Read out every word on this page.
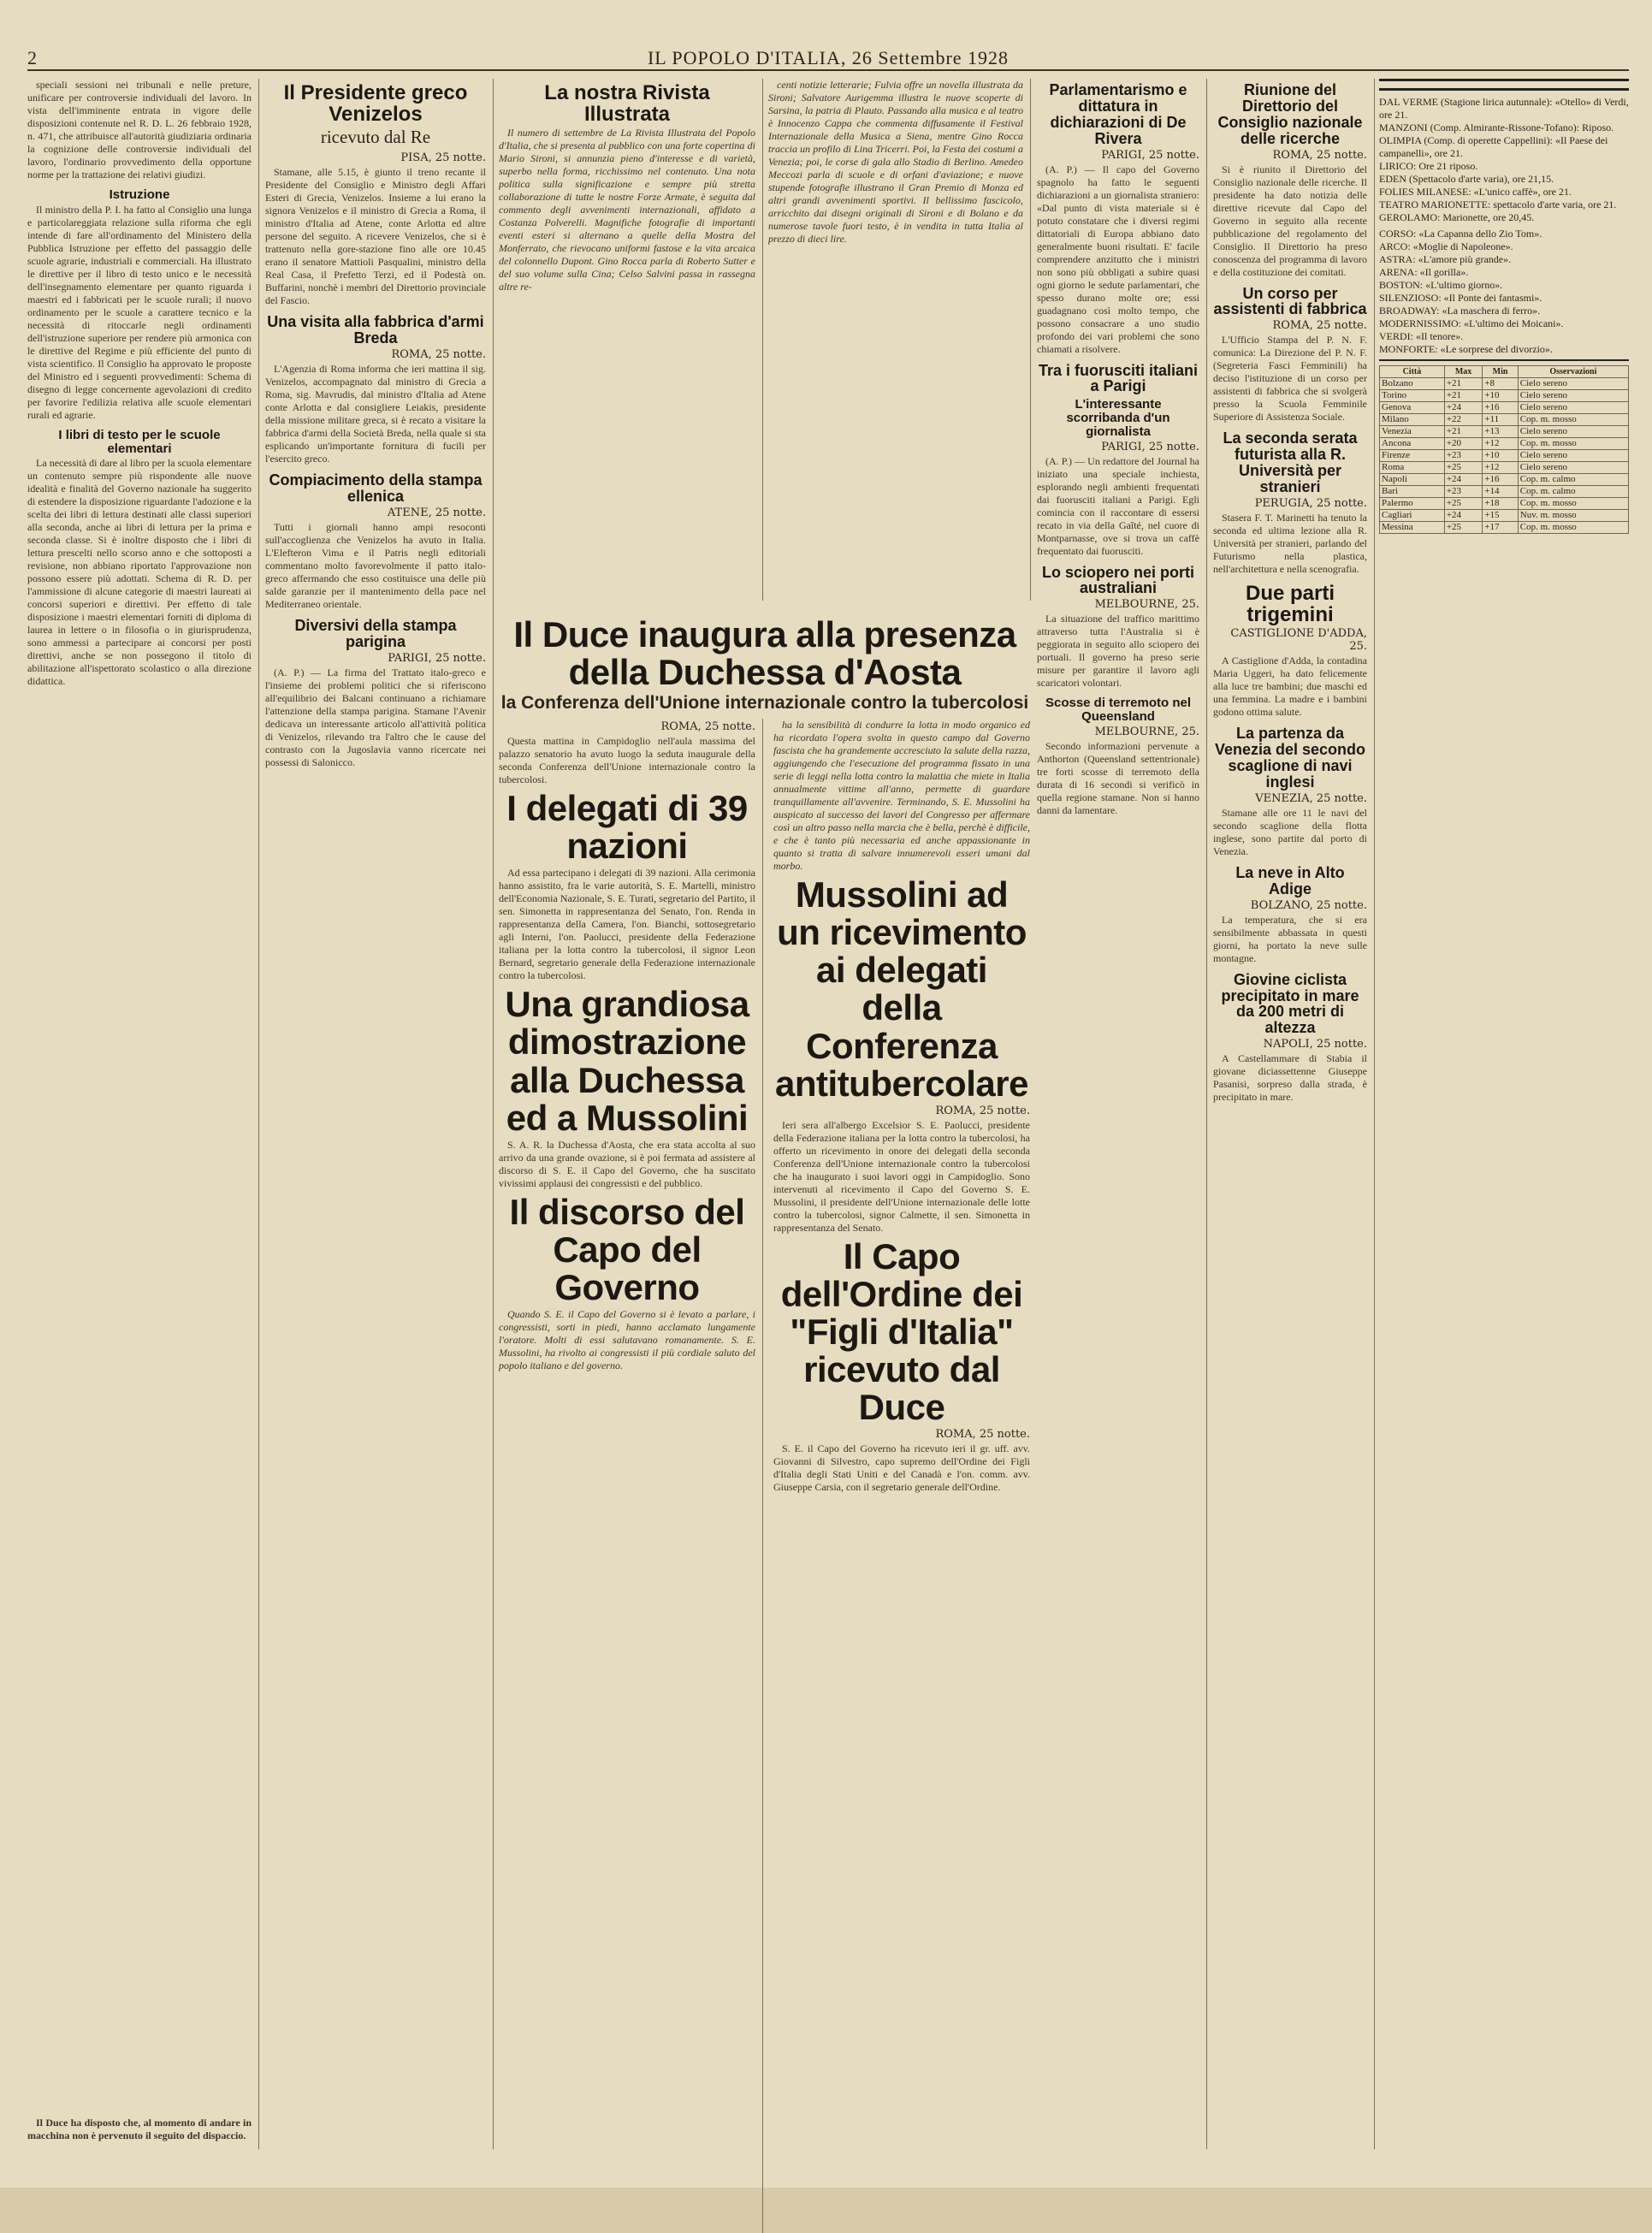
2	IL POPOLO D'ITALIA, 26 Settembre 1928

speciali sessioni nei tribunali e nelle preture, unificare per controversie individuali del lavoro. In vista dell'imminente entrata in vigore delle disposizioni contenute nel R. D. L. 26 febbraio 1928, n. 471, che attribuisce all'autorità giudiziaria ordinaria la cognizione delle controversie individuali del lavoro, l'ordinario provvedimento della opportune norme per la trattazione dei relativi giudizi.

Istruzione

Il ministro della P. I. ha fatto al Consiglio una lunga e particolareggiata relazione sulla riforma che egli intende di fare all'ordinamento del Ministero della Pubblica Istruzione per effetto del passaggio delle scuole agrarie, industriali e commerciali. Ha illustrato le direttive per il libro di testo unico e le necessità dell'insegnamento elementare per quanto riguarda i maestri ed i fabbricati per le scuole rurali; il nuovo ordinamento per le scuole a carattere tecnico e la necessità di ritoccarle negli ordinamenti dell'istruzione superiore per rendere più armonica con le direttive del Regime e più efficiente del punto di vista scientifico. Il Consiglio ha approvato le proposte del Ministro ed i seguenti provvedimenti: Schema di disegno di legge concernente agevolazioni di credito per favorire l'edilizia relativa alle scuole elementari rurali ed agrarie.

I libri di testo per le scuole elementari

La necessità di dare al libro per la scuola elementare un contenuto sempre più rispondente alle nuove idealità e finalità del Governo nazionale ha suggerito di estendere la disposizione riguardante l'adozione e la scelta dei libri di lettura destinati alle classi superiori alla seconda, anche ai libri di lettura per la prima e seconda classe. Si è inoltre disposto che i libri di lettura prescelti nello scorso anno e che sottoposti a revisione, non abbiano riportato l'approvazione non possono essere più adottati. Schema di R. D. per l'ammissione di alcune categorie di maestri laureati ai concorsi superiori e direttivi. Per effetto di tale disposizione i maestri elementari forniti di diploma di laurea in lettere o in filosofia o in giurisprudenza, sono ammessi a partecipare ai concorsi per posti direttivi, anche se non possegono il titolo di abilitazione all'ispettorato scolastico o alla direzione didattica.

Il Duce ha disposto che, al momento di andare in macchina non è pervenuto il seguito del dispaccio.

Il Presidente greco Venizelos
ricevuto dal Re
PISA, 25 notte.

Stamane, alle 5.15, è giunto il treno recante il Presidente del Consiglio e Ministro degli Affari Esteri di Grecia, Venizelos. Insieme a lui erano la signora Venizelos e il ministro di Grecia a Roma, il ministro d'Italia ad Atene, conte Arlotta ed altre persone del seguito. A ricevere Venizelos, che si è trattenuto nella gore-stazione fino alle ore 10.45 erano il senatore Mattioli Pasqualini, ministro della Real Casa, il Prefetto Terzi, ed il Podestà on. Buffarini, nonchè i membri del Direttorio provinciale del Fascio.

Una visita alla fabbrica d'armi Breda
ROMA, 25 notte.

L'Agenzia di Roma informa che ieri mattina il sig. Venizelos, accompagnato dal ministro di Grecia a Roma, sig. Mavrudis, dal ministro d'Italia ad Atene conte Arlotta e dal consigliere Leiakis, presidente della missione militare greca, si è recato a visitare la fabbrica d'armi della Società Breda, nella quale si sta esplicando un'importante fornitura di fucili per l'esercito greco.

Compiacimento della stampa ellenica
ATENE, 25 notte.

Tutti i giornali hanno ampi resoconti sull'accoglienza che Venizelos ha avuto in Italia. L'Elefteron Vima e il Patris negli editoriali commentano molto favorevolmente il patto italo-greco affermando che esso costituisce una delle più salde garanzie per il mantenimento della pace nel Mediterraneo orientale.

Diversivi della stampa parigina
PARIGI, 25 notte.

(A. P.) — La firma del Trattato italo-greco e l'insieme dei problemi politici che si riferiscono all'equilibrio dei Balcani continuano a richiamare l'attenzione della stampa parigina. Stamane l'Avenir dedicava un interessante articolo all'attività politica di Venizelos, rilevando tra l'altro che le cause del contrasto con la Jugoslavia vanno ricercate nei possessi di Salonicco.

La nostra Rivista Illustrata

Il numero di settembre de La Rivista Illustrata del Popolo d'Italia, che si presenta al pubblico con una forte copertina di Mario Sironi, si annunzia pieno d'interesse e di varietà, superbo nella forma, ricchissimo nel contenuto. Una nota politica sulla significazione e sempre più stretta collaborazione di tutte le nostre Forze Armate, è seguita dal commento degli avvenimenti internazionali, affidato a Costanza Polverelli. Magnifiche fotografie di importanti eventi esteri si alternano a quelle della Mostra del Monferrato, che rievocano uniformi fastose e la vita arcaica del colonnello Dupont. Gino Rocca parla di Roberto Sutter e del suo volume sulla Cina; Celso Salvini passa in rassegna altre re-

centi notizie letterarie; Fulvia offre un novella illustrata da Sironi; Salvatore Aurigemma illustra le nuove scoperte di Sarsina, la patria di Plauto. Passando alla musica e al teatro è Innocenzo Cappa che commenta diffusamente il Festival Internazionale della Musica a Siena, mentre Gino Rocca traccia un profilo di Lina Tricerri. Poi, la Festa dei costumi a Venezia; poi, le corse di gala allo Stadio di Berlino. Amedeo Meccozi parla di scuole e di orfani d'aviazione; e nuove stupende fotografie illustrano il Gran Premio di Monza ed altri grandi avvenimenti sportivi. Il bellissimo fascicolo, arricchito dai disegni originali di Sironi e di Bolano e da numerose tavole fuori testo, è in vendita in tutta Italia al prezzo di dieci lire.

Il Duce inaugura alla presenza della Duchessa d'Aosta
la Conferenza dell'Unione internazionale contro la tubercolosi
ROMA, 25 notte.

Questa mattina in Campidoglio nell'aula massima del palazzo senatorio ha avuto luogo la seduta inaugurale della seconda Conferenza dell'Unione internazionale contro la tubercolosi.

I delegati di 39 nazioni

Ad essa partecipano i delegati di 39 nazioni. Alla cerimonia hanno assistito, fra le varie autorità, S. E. Martelli, ministro dell'Economia Nazionale, S. E. Turati, segretario del Partito, il sen. Simonetta in rappresentanza del Senato, l'on. Renda in rappresentanza della Camera, l'on. Bianchi, sottosegretario agli Interni, l'on. Paolucci, presidente della Federazione italiana per la lotta contro la tubercolosi, il signor Leon Bernard, segretario generale della Federazione internazionale contro la tubercolosi.

Una grandiosa dimostrazione alla Duchessa ed a Mussolini

S. A. R. la Duchessa d'Aosta, che era stata accolta al suo arrivo da una grande ovazione, si è poi fermata ad assistere al discorso di S. E. il Capo del Governo, che ha suscitato vivissimi applausi dei congressisti e del pubblico.

Il discorso del Capo del Governo

Quando S. E. il Capo del Governo si è levato a parlare, i congressisti, sorti in piedi, hanno acclamato lungamente l'oratore. Molti di essi salutavano romanamente. S. E. Mussolini, ha rivolto ai congressisti il più cordiale saluto del popolo italiano e del governo.

ha la sensibilità di condurre la lotta in modo organico ed ha ricordato l'opera svolta in questo campo dal Governo fascista che ha grandemente accresciuto la salute della razza, aggiungendo che l'esecuzione del programma fissato in una serie di leggi nella lotta contro la malattia che miete in Italia annualmente vittime all'anno, permette di guardare tranquillamente all'avvenire. Terminando, S. E. Mussolini ha auspicato al successo dei lavori del Congresso per affermare così un altro passo nella marcia che è bella, perchè è difficile, e che è tanto più necessaria ed anche appassionante in quanto si tratta di salvare innumerevoli esseri umani dal morbo.

Mussolini ad un ricevimento ai delegati della Conferenza antitubercolare
ROMA, 25 notte.

Ieri sera all'albergo Excelsior S. E. Paolucci, presidente della Federazione italiana per la lotta contro la tubercolosi, ha offerto un ricevimento in onore dei delegati della seconda Conferenza dell'Unione internazionale contro la tubercolosi che ha inaugurato i suoi lavori oggi in Campidoglio. Sono intervenuti al ricevimento il Capo del Governo S. E. Mussolini, il presidente dell'Unione internazionale delle lotte contro la tubercolosi, signor Calmette, il sen. Simonetta in rappresentanza del Senato.

Il Capo dell'Ordine dei "Figli d'Italia" ricevuto dal Duce
ROMA, 25 notte.

S. E. il Capo del Governo ha ricevuto ieri il gr. uff. avv. Giovanni di Silvestro, capo supremo dell'Ordine dei Figli d'Italia degli Stati Uniti e del Canadà e l'on. comm. avv. Giuseppe Carsia, con il segretario generale dell'Ordine.

Parlamentarismo e dittatura in dichiarazioni di De Rivera
PARIGI, 25 notte.

(A. P.) — Il capo del Governo spagnolo ha fatto le seguenti dichiarazioni a un giornalista straniero: «Dal punto di vista materiale si è potuto constatare che i diversi regimi dittatoriali di Europa abbiano dato generalmente buoni risultati. E' facile comprendere anzitutto che i ministri non sono più obbligati a subire quasi ogni giorno le sedute parlamentari, che spesso durano molte ore; essi guadagnano così molto tempo, che possono consacrare a uno studio profondo dei vari problemi che sono chiamati a risolvere.

Tra i fuorusciti italiani a Parigi
L'interessante scorribanda d'un giornalista
PARIGI, 25 notte.

(A. P.) — Un redattore del Journal ha iniziato una speciale inchiesta, esplorando negli ambienti frequentati dai fuorusciti italiani a Parigi. Egli comincia con il raccontare di essersi recato in via della Gaîté, nel cuore di Montparnasse, ove si trova un caffè frequentato dai fuorusciti.

Lo sciopero nei porti australiani
MELBOURNE, 25.

La situazione del traffico marittimo attraverso tutta l'Australia si è peggiorata in seguito allo sciopero dei portuali. Il governo ha preso serie misure per garantire il lavoro agli scaricatori volontari.

Scosse di terremoto nel Queensland
MELBOURNE, 25.

Secondo informazioni pervenute a Anthorton (Queensland settentrionale) tre forti scosse di terremoto della durata di 16 secondi si verificò in quella regione stamane. Non si hanno danni da lamentare.

Riunione del Direttorio del Consiglio nazionale delle ricerche
ROMA, 25 notte.

Si è riunito il Direttorio del Consiglio nazionale delle ricerche. Il presidente ha dato notizia delle direttive ricevute dal Capo del Governo in seguito alla recente pubblicazione del regolamento del Consiglio. Il Direttorio ha preso conoscenza del programma di lavoro e della costituzione dei comitati.

Un corso per assistenti di fabbrica
ROMA, 25 notte.

L'Ufficio Stampa del P. N. F. comunica: La Direzione del P. N. F. (Segreteria Fasci Femminili) ha deciso l'istituzione di un corso per assistenti di fabbrica che si svolgerà presso la Scuola Femminile Superiore di Assistenza Sociale.

La seconda serata futurista alla R. Università per stranieri
PERUGIA, 25 notte.

Stasera F. T. Marinetti ha tenuto la seconda ed ultima lezione alla R. Università per stranieri, parlando del Futurismo nella plastica, nell'architettura e nella scenografia.

Due parti trigemini
CASTIGLIONE D'ADDA, 25.

A Castiglione d'Adda, la contadina Maria Uggeri, ha dato felicemente alla luce tre bambini; due maschi ed una femmina. La madre e i bambini godono ottima salute.

La partenza da Venezia del secondo scaglione di navi inglesi
VENEZIA, 25 notte.

Stamane alle ore 11 le navi del secondo scaglione della flotta inglese, sono partite dal porto di Venezia.

La neve in Alto Adige
BOLZANO, 25 notte.

La temperatura, che si era sensibilmente abbassata in questi giorni, ha portato la neve sulle montagne.

Giovine ciclista precipitato in mare da 200 metri di altezza
NAPOLI, 25 notte.

A Castellammare di Stabia il giovane diciassettenne Giuseppe Pasanisi, sorpreso dalla strada, è precipitato in mare.

DAL VERME (Stagione lirica autunnale): «Otello» di Verdi, ore 21.
MANZONI (Comp. Almirante-Rissone-Tofano): Riposo.
OLIMPIA (Comp. di operette Cappellini): «Il Paese dei campanelli», ore 21.
LIRICO: Ore 21 riposo.
EDEN (Spettacolo d'arte varia), ore 21,15.
FOLIES MILANESE: «L'unico caffè», ore 21.
TEATRO MARIONETTE: spettacolo d'arte varia, ore 21.
GEROLAMO: Marionette, ore 20,45.
CORSO: «La Capanna dello Zio Tom».
ARCO: «Moglie di Napoleone».
ASTRA: «L'amore più grande».
ARENA: «Il gorilla».
BOSTON: «L'ultimo giorno».
SILENZIOSO: «Il Ponte dei fantasmi».
BROADWAY: «La maschera di ferro».
MODERNISSIMO: «L'ultimo dei Moicani».
VERDI: «Il tenore».
MONFORTE: «Le sorprese del divorzio».

Città	Max	Min	Osservazioni
Bolzano	+21	+8	Cielo sereno
Torino	+21	+10	Cielo sereno
Genova	+24	+16	Cielo sereno
Milano	+22	+11	Cop. m. mosso
Venezia	+21	+13	Cielo sereno
Ancona	+20	+12	Cop. m. mosso
Firenze	+23	+10	Cielo sereno
Roma	+25	+12	Cielo sereno
Napoli	+24	+16	Cop. m. calmo
Bari	+23	+14	Cop. m. calmo
Palermo	+25	+18	Cop. m. mosso
Cagliari	+24	+15	Nuv. m. mosso
Messina	+25	+17	Cop. m. mosso
